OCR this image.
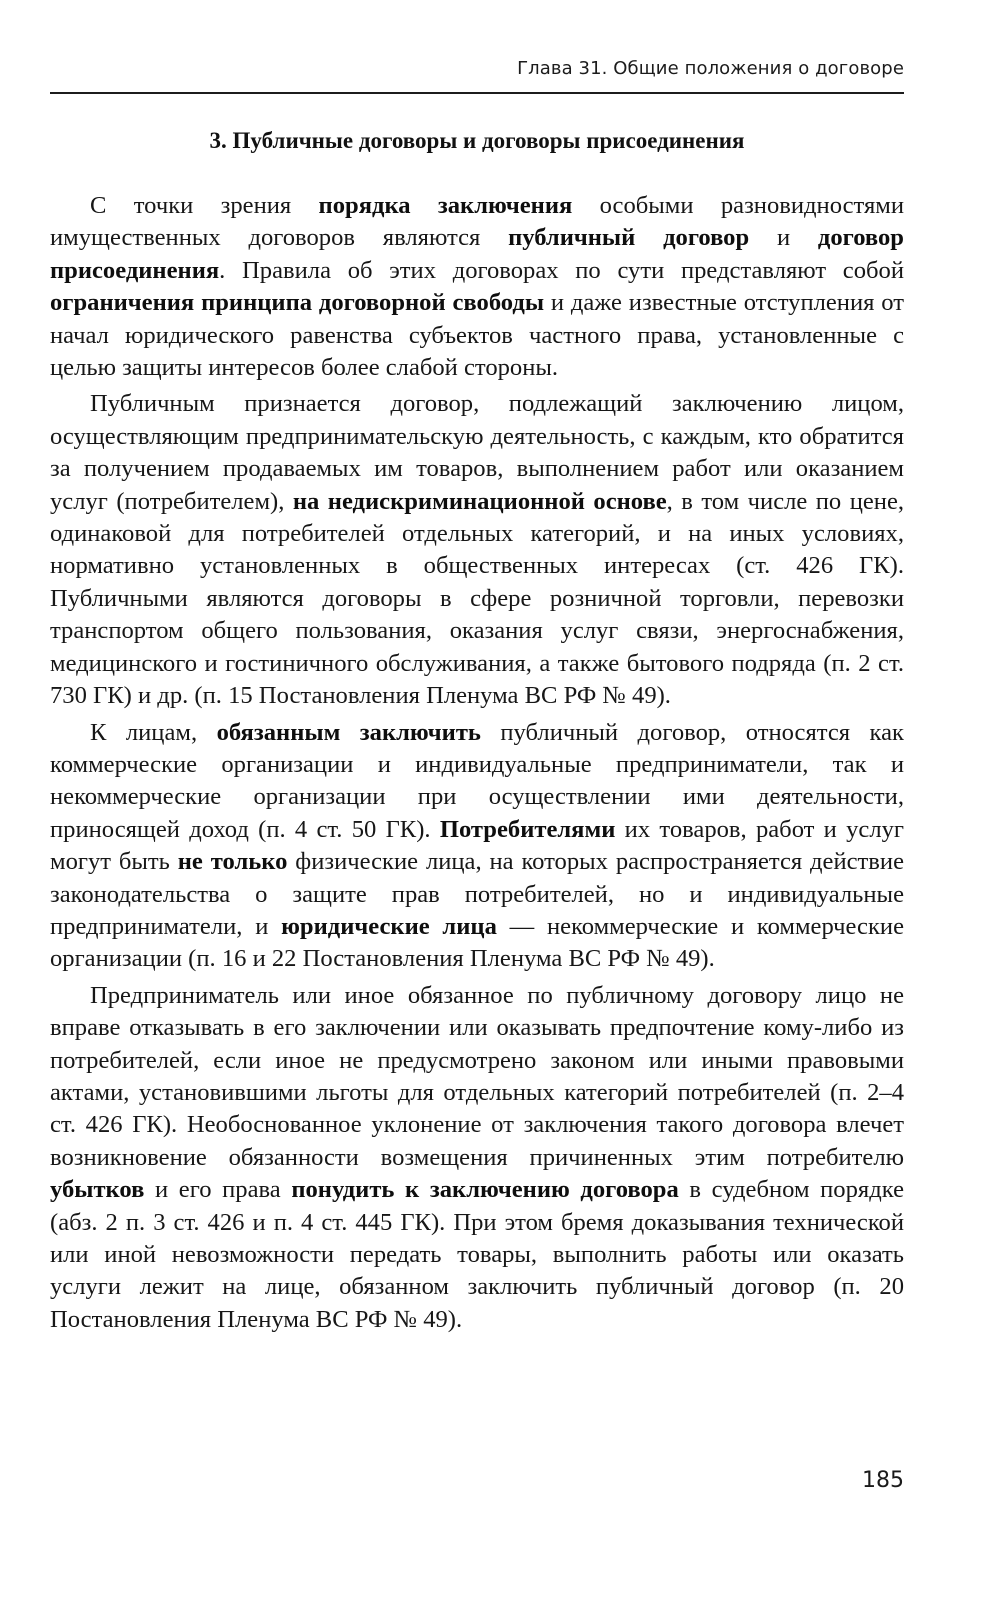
Глава 31. Общие положения о договоре
3. Публичные договоры и договоры присоединения

С точки зрения порядка заключения особыми разновидностями имущественных договоров являются публичный договор и договор присоединения. Правила об этих договорах по сути представляют собой ограничения принципа договорной свободы и даже известные отступления от начал юридического равенства субъектов частного права, установленные с целью защиты интересов более слабой стороны.

Публичным признается договор, подлежащий заключению лицом, осуществляющим предпринимательскую деятельность, с каждым, кто обратится за получением продаваемых им товаров, выполнением работ или оказанием услуг (потребителем), на недискриминационной основе, в том числе по цене, одинаковой для потребителей отдельных категорий, и на иных условиях, нормативно установленных в общественных интересах (ст. 426 ГК). Публичными являются договоры в сфере розничной торговли, перевозки транспортом общего пользования, оказания услуг связи, энергоснабжения, медицинского и гостиничного обслуживания, а также бытового подряда (п. 2 ст. 730 ГК) и др. (п. 15 Постановления Пленума ВС РФ № 49).

К лицам, обязанным заключить публичный договор, относятся как коммерческие организации и индивидуальные предприниматели, так и некоммерческие организации при осуществлении ими деятельности, приносящей доход (п. 4 ст. 50 ГК). Потребителями их товаров, работ и услуг могут быть не только физические лица, на которых распространяется действие законодательства о защите прав потребителей, но и индивидуальные предприниматели, и юридические лица — некоммерческие и коммерческие организации (п. 16 и 22 Постановления Пленума ВС РФ № 49).

Предприниматель или иное обязанное по публичному договору лицо не вправе отказывать в его заключении или оказывать предпочтение кому-либо из потребителей, если иное не предусмотрено законом или иными правовыми актами, установившими льготы для отдельных категорий потребителей (п. 2–4 ст. 426 ГК). Необоснованное уклонение от заключения такого договора влечет возникновение обязанности возмещения причиненных этим потребителю убытков и его права понудить к заключению договора в судебном порядке (абз. 2 п. 3 ст. 426 и п. 4 ст. 445 ГК). При этом бремя доказывания технической или иной невозможности передать товары, выполнить работы или оказать услуги лежит на лице, обязанном заключить публичный договор (п. 20 Постановления Пленума ВС РФ № 49).

185
